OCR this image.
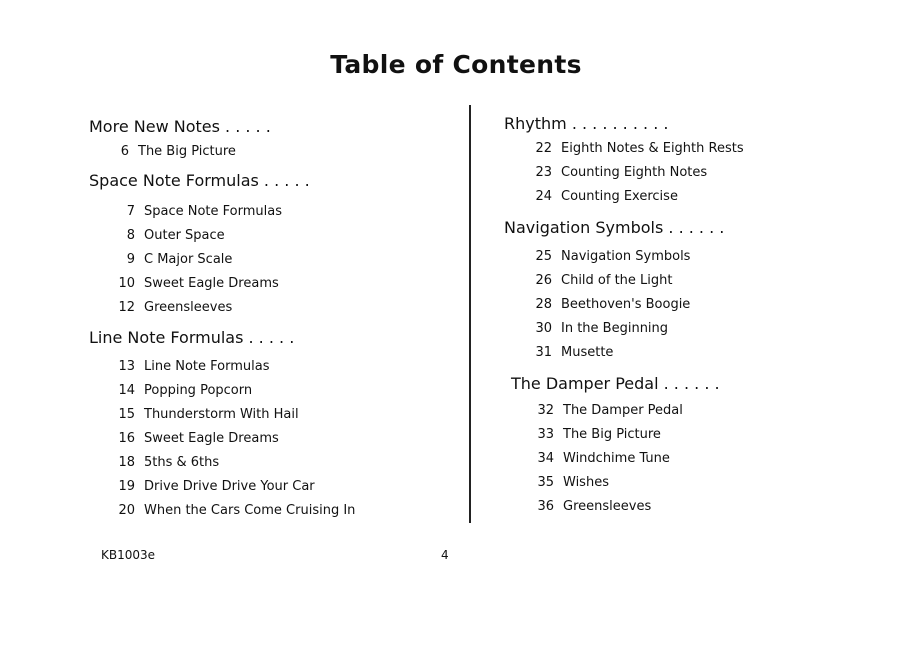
Table of Contents
More New Notes . . . . .
6 The Big Picture
Space Note Formulas . . . . .
7 Space Note Formulas
8 Outer Space
9 C Major Scale
10 Sweet Eagle Dreams
12 Greensleeves
Line Note Formulas . . . . .
13 Line Note Formulas
14 Popping Popcorn
15 Thunderstorm With Hail
16 Sweet Eagle Dreams
18 5ths & 6ths
19 Drive Drive Drive Your Car
20 When the Cars Come Cruising In
Rhythm . . . . . . . . . .
22 Eighth Notes & Eighth Rests
23 Counting Eighth Notes
24 Counting Exercise
Navigation Symbols . . . . . .
25 Navigation Symbols
26 Child of the Light
28 Beethoven's Boogie
30 In the Beginning
31 Musette
The Damper Pedal . . . . . .
32 The Damper Pedal
33 The Big Picture
34 Windchime Tune
35 Wishes
36 Greensleeves
KB1003e	4
